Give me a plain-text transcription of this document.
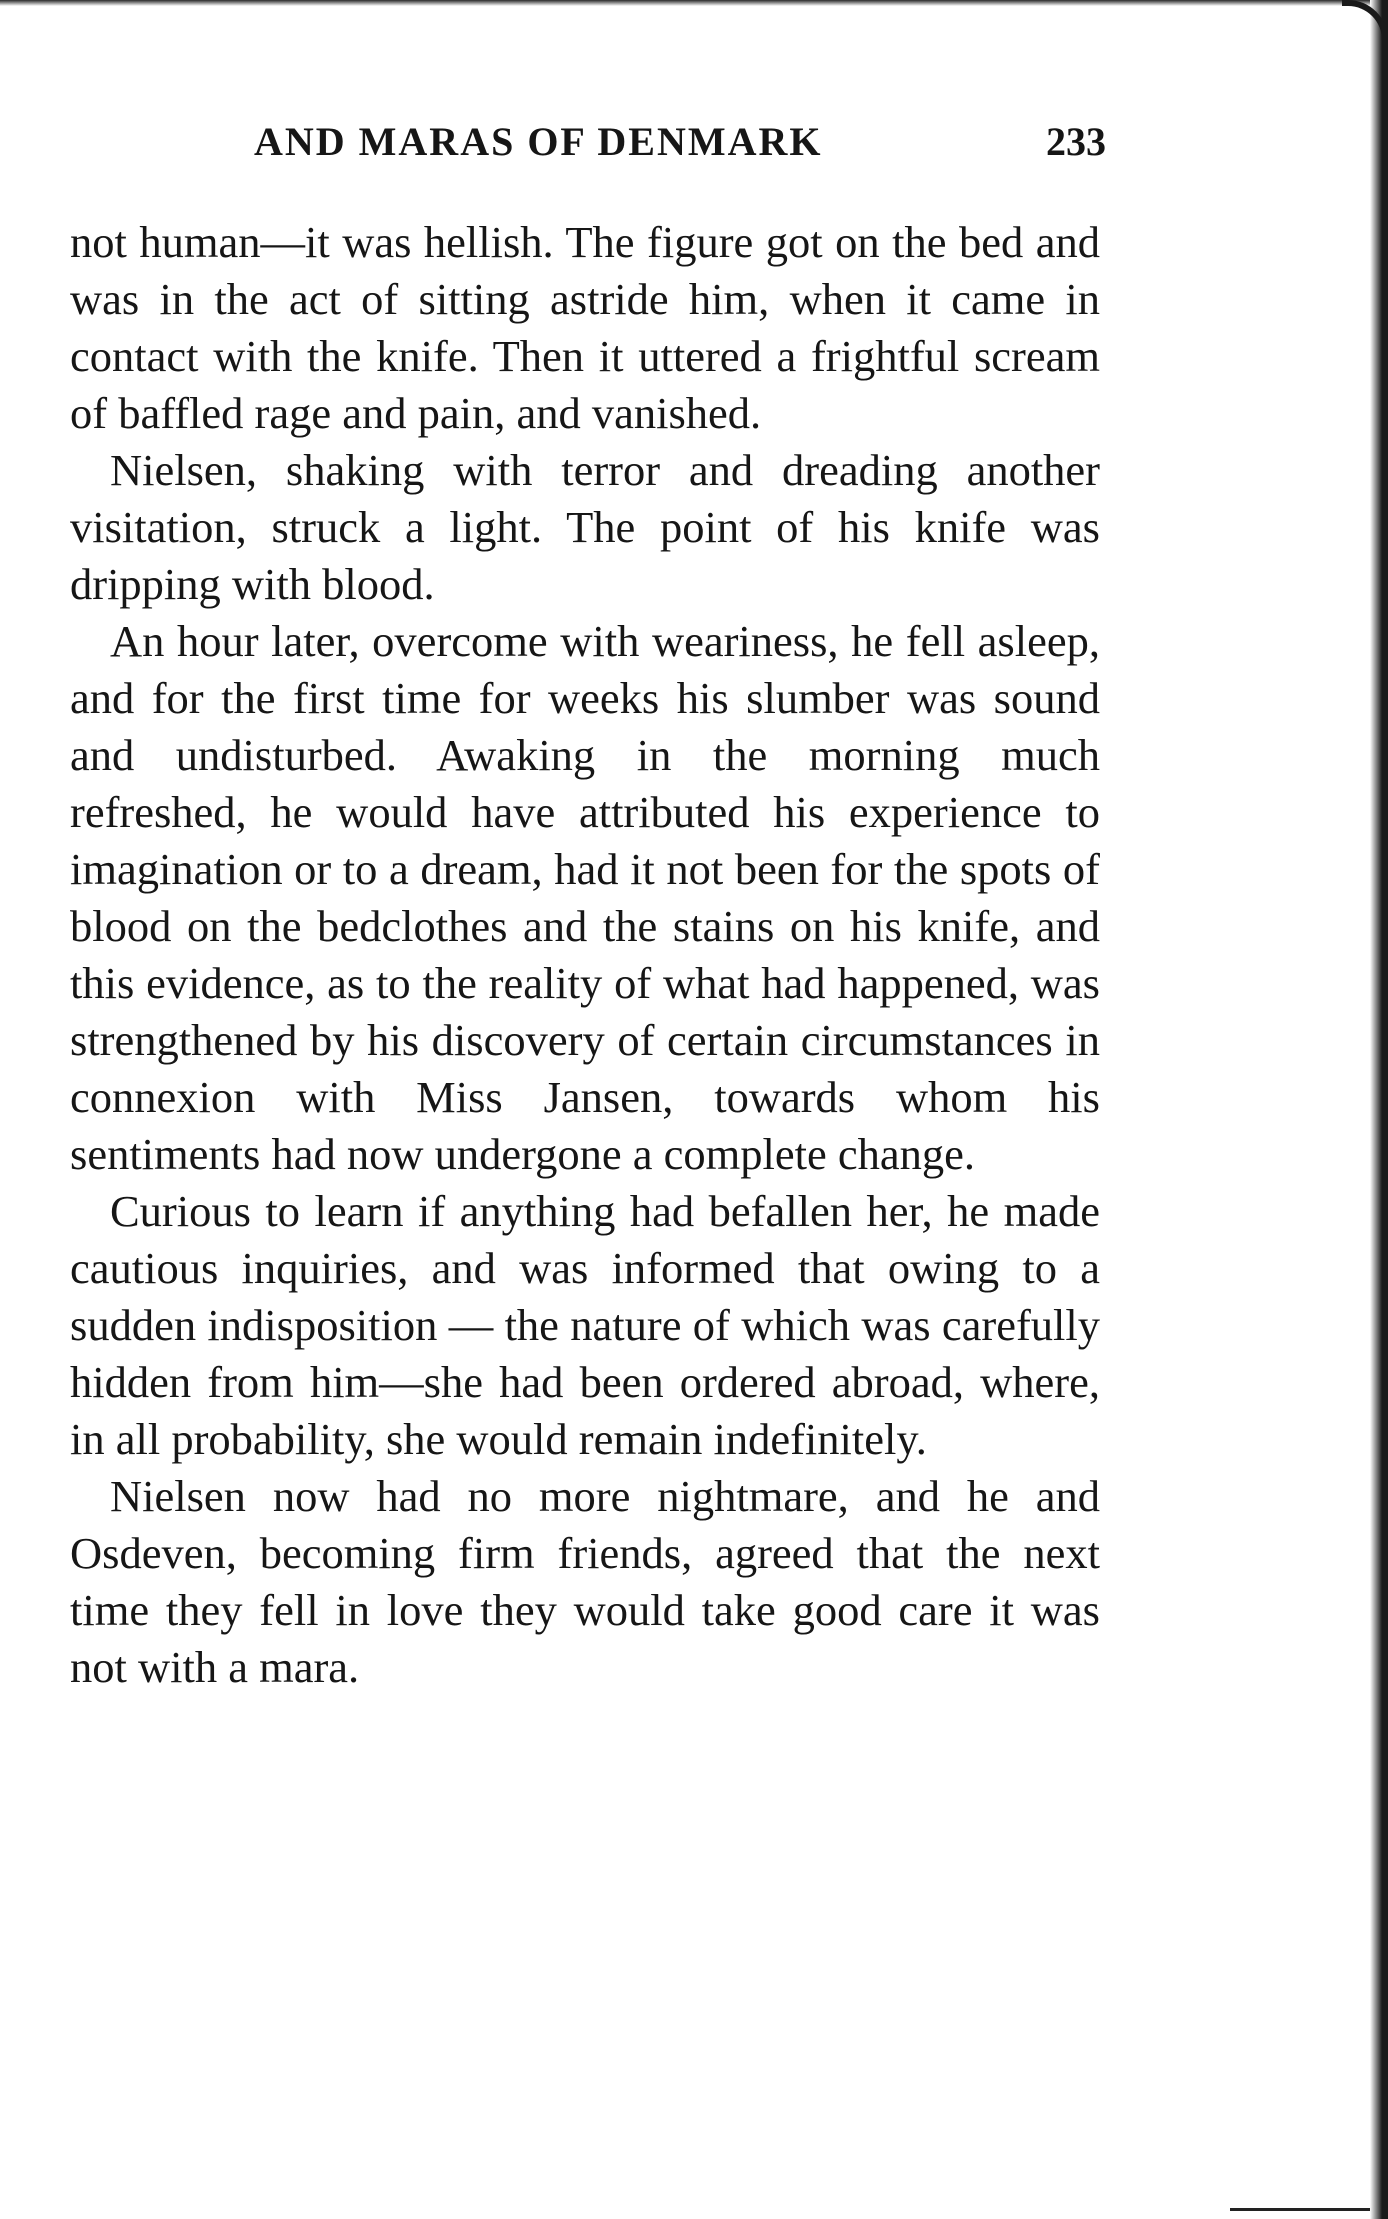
AND MARAS OF DENMARK	233

not human—it was hellish. The figure got on the bed and was in the act of sitting astride him, when it came in contact with the knife. Then it uttered a frightful scream of baffled rage and pain, and vanished.

Nielsen, shaking with terror and dreading another visitation, struck a light. The point of his knife was dripping with blood.

An hour later, overcome with weariness, he fell asleep, and for the first time for weeks his slumber was sound and undisturbed. Awaking in the morning much refreshed, he would have attributed his experience to imagination or to a dream, had it not been for the spots of blood on the bedclothes and the stains on his knife, and this evidence, as to the reality of what had happened, was strengthened by his discovery of certain circumstances in connexion with Miss Jansen, towards whom his sentiments had now undergone a complete change.

Curious to learn if anything had befallen her, he made cautious inquiries, and was informed that owing to a sudden indisposition — the nature of which was carefully hidden from him—she had been ordered abroad, where, in all probability, she would remain indefinitely.

Nielsen now had no more nightmare, and he and Osdeven, becoming firm friends, agreed that the next time they fell in love they would take good care it was not with a mara.
